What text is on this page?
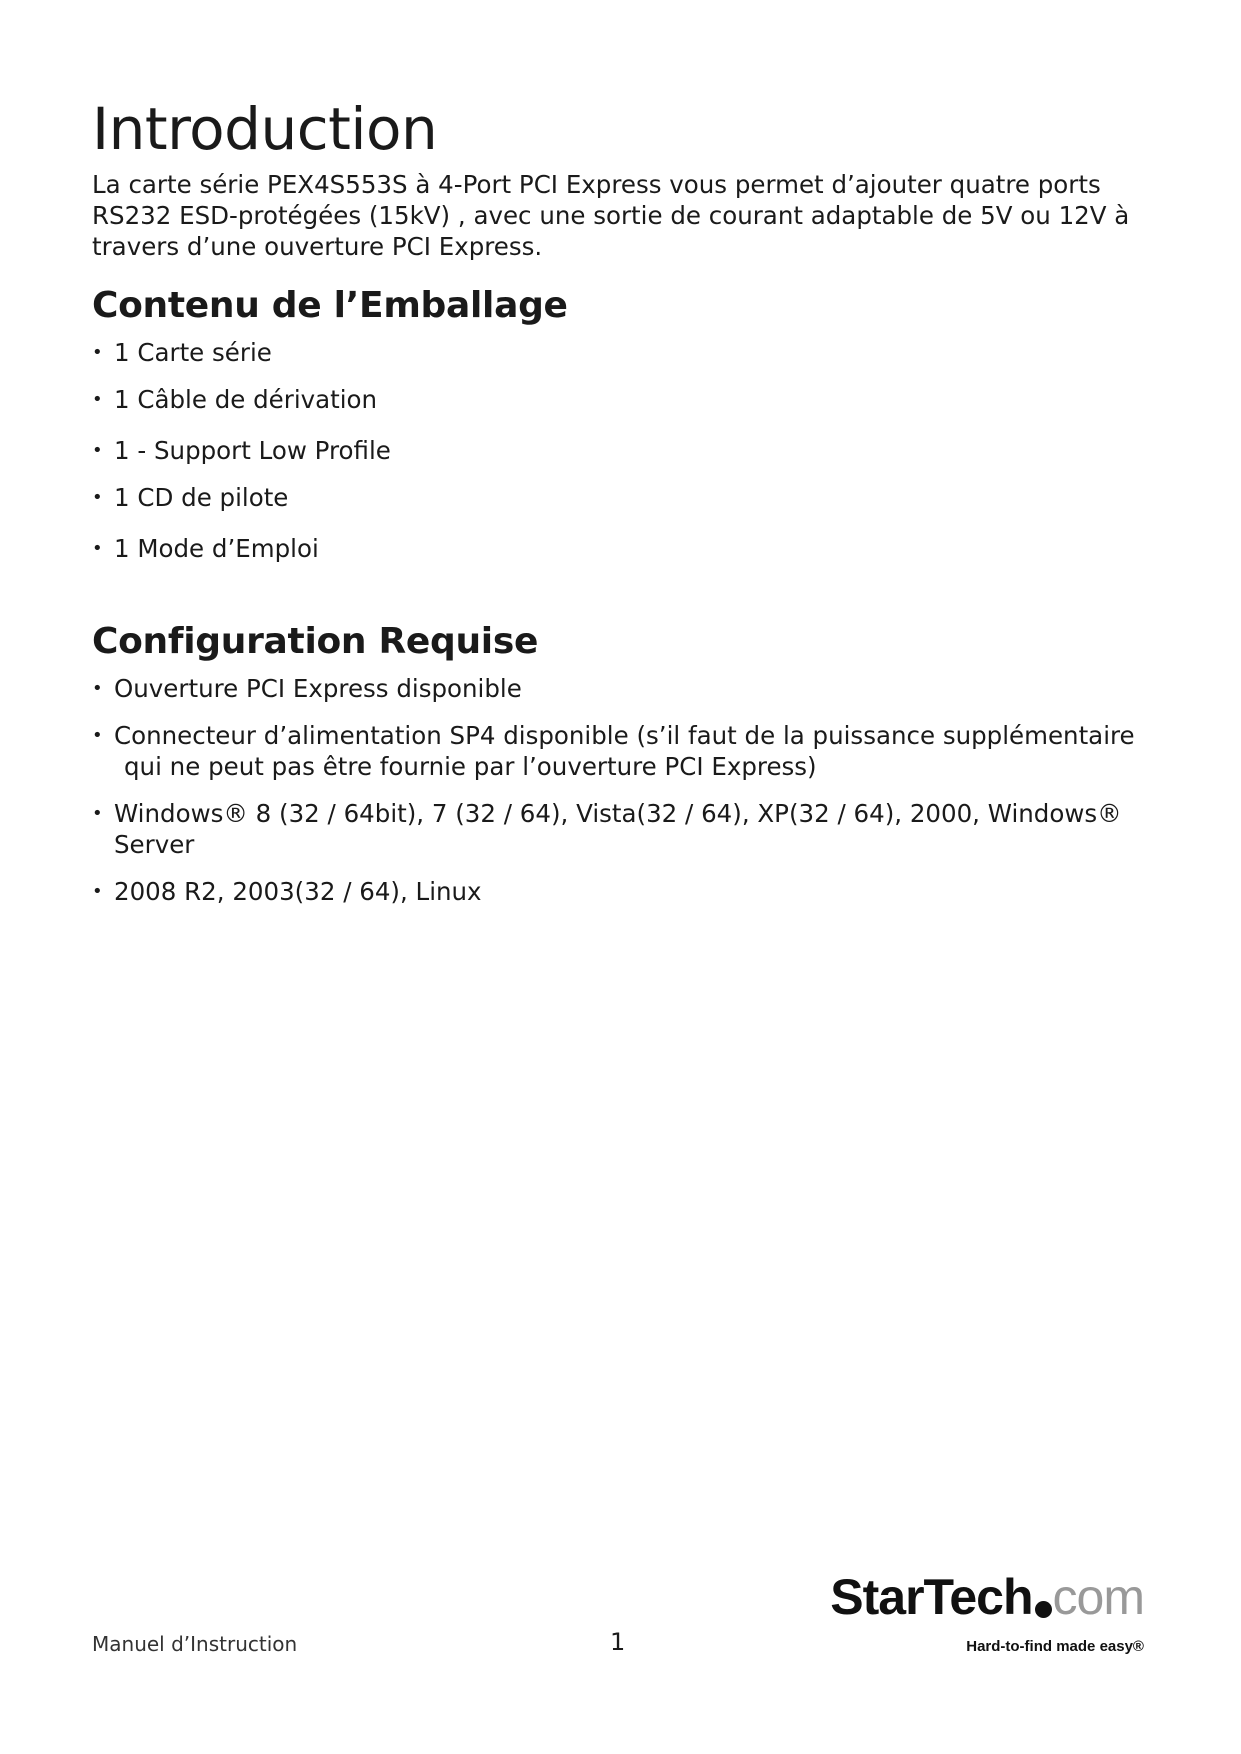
Introduction

La carte série PEX4S553S à 4-Port PCI Express vous permet d’ajouter quatre ports RS232 ESD-protégées (15kV) , avec une sortie de courant adaptable de 5V ou 12V à travers d’une ouverture PCI Express.

Contenu de l’Emballage
• 1 Carte série
• 1 Câble de dérivation
• 1 - Support Low Profile
• 1 CD de pilote
• 1 Mode d’Emploi
Configuration Requise
• Ouverture PCI Express disponible
• Connecteur d’alimentation SP4 disponible (s’il faut de la puissance supplémentaire
qui ne peut pas être fournie par l’ouverture PCI Express)
• Windows® 8 (32 / 64bit), 7 (32 / 64), Vista(32 / 64), XP(32 / 64), 2000, Windows® Server
• 2008 R2, 2003(32 / 64), Linux
Manuel d’Instruction	1
StarTech com
Hard-to-find made easy®
